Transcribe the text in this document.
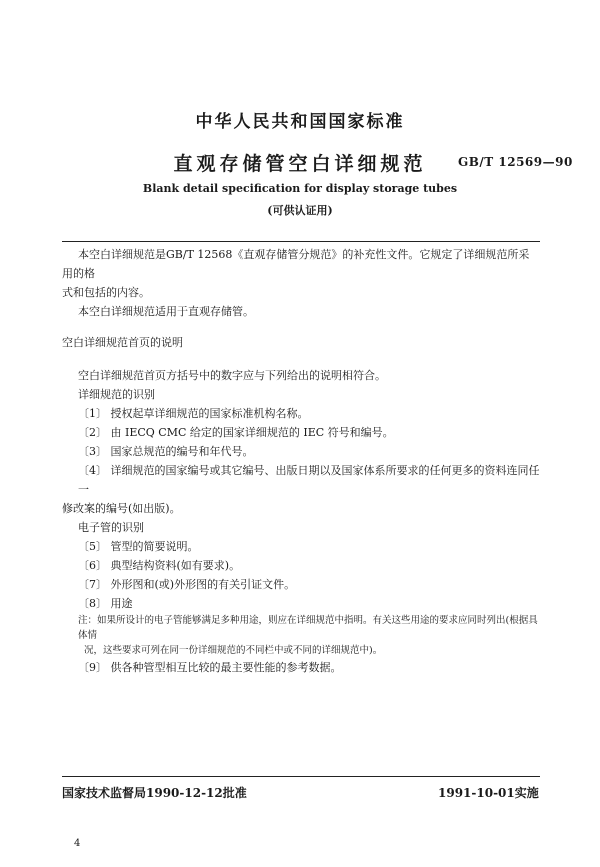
中华人民共和国国家标准
直观存储管空白详细规范	GB/T 12569—90
Blank detail specification for display storage tubes
(可供认证用)

本空白详细规范是GB/T 12568《直观存储管分规范》的补充性文件。它规定了详细规范所采用的格

式和包括的内容。

本空白详细规范适用于直观存储管。

空白详细规范首页的说明

空白详细规范首页方括号中的数字应与下列给出的说明相符合。

详细规范的识别

〔1〕 授权起草详细规范的国家标准机构名称。

〔2〕 由 IECQ CMC 给定的国家详细规范的 IEC 符号和编号。

〔3〕 国家总规范的编号和年代号。

〔4〕 详细规范的国家编号或其它编号、出版日期以及国家体系所要求的任何更多的资料连同任一

修改案的编号(如出版)。

电子管的识别

〔5〕 管型的简要说明。

〔6〕 典型结构资料(如有要求)。

〔7〕 外形图和(或)外形图的有关引证文件。

〔8〕 用途

注：如果所设计的电子管能够满足多种用途，则应在详细规范中指明。有关这些用途的要求应同时列出(根据具体情

况，这些要求可列在同一份详细规范的不同栏中或不同的详细规范中)。

〔9〕 供各种管型相互比较的最主要性能的参考数据。

国家技术监督局1990-12-12批准	1991-10-01实施
4
